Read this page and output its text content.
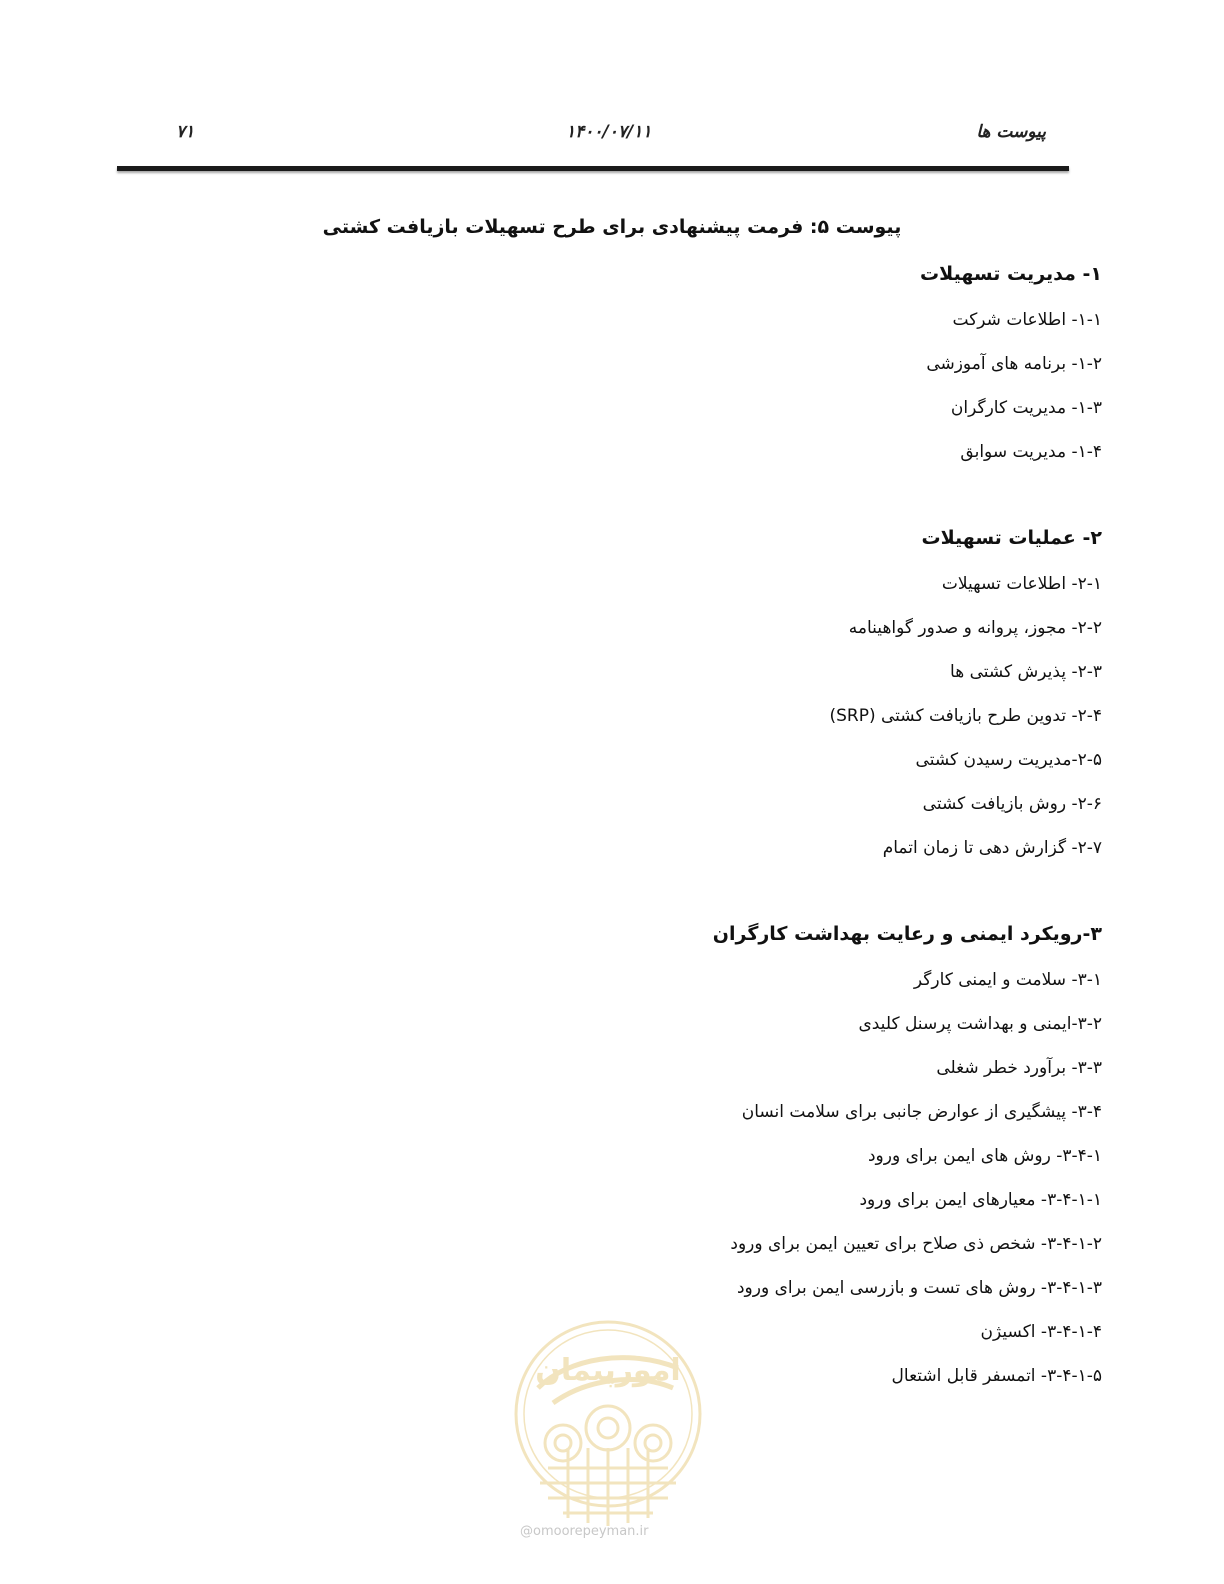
۷۱	۱۴۰۰/۰۷/۱۱	پیوست ها
پیوست ۵: فرمت پیشنهادی برای طرح تسهیلات بازیافت کشتی
۱- مدیریت تسهیلات
۱-۱- اطلاعات شرکت
۱-۲- برنامه های آموزشی
۱-۳- مدیریت کارگران
۱-۴- مدیریت سوابق
۲- عملیات تسهیلات
۲-۱- اطلاعات تسهیلات
۲-۲- مجوز، پروانه و صدور گواهینامه
۲-۳- پذیرش کشتی ها
۲-۴- تدوین طرح بازیافت کشتی (SRP)
۲-۵-مدیریت رسیدن کشتی
۲-۶- روش بازیافت کشتی
۲-۷- گزارش دهی تا زمان اتمام
۳-رویکرد ایمنی و رعایت بهداشت کارگران
۳-۱- سلامت و ایمنی کارگر
۳-۲-ایمنی و بهداشت پرسنل کلیدی
۳-۳- برآورد خطر شغلی
۳-۴- پیشگیری از عوارض جانبی برای سلامت انسان
۳-۴-۱- روش های ایمن برای ورود
۳-۴-۱-۱- معیارهای ایمن برای ورود
۳-۴-۱-۲- شخص ذی صلاح برای تعیین ایمن برای ورود
۳-۴-۱-۳- روش های تست و بازرسی ایمن برای ورود
۳-۴-۱-۴- اکسیژن
۳-۴-۱-۵- اتمسفر قابل اشتعال
امورپیمان
@omoorepeyman.ir
